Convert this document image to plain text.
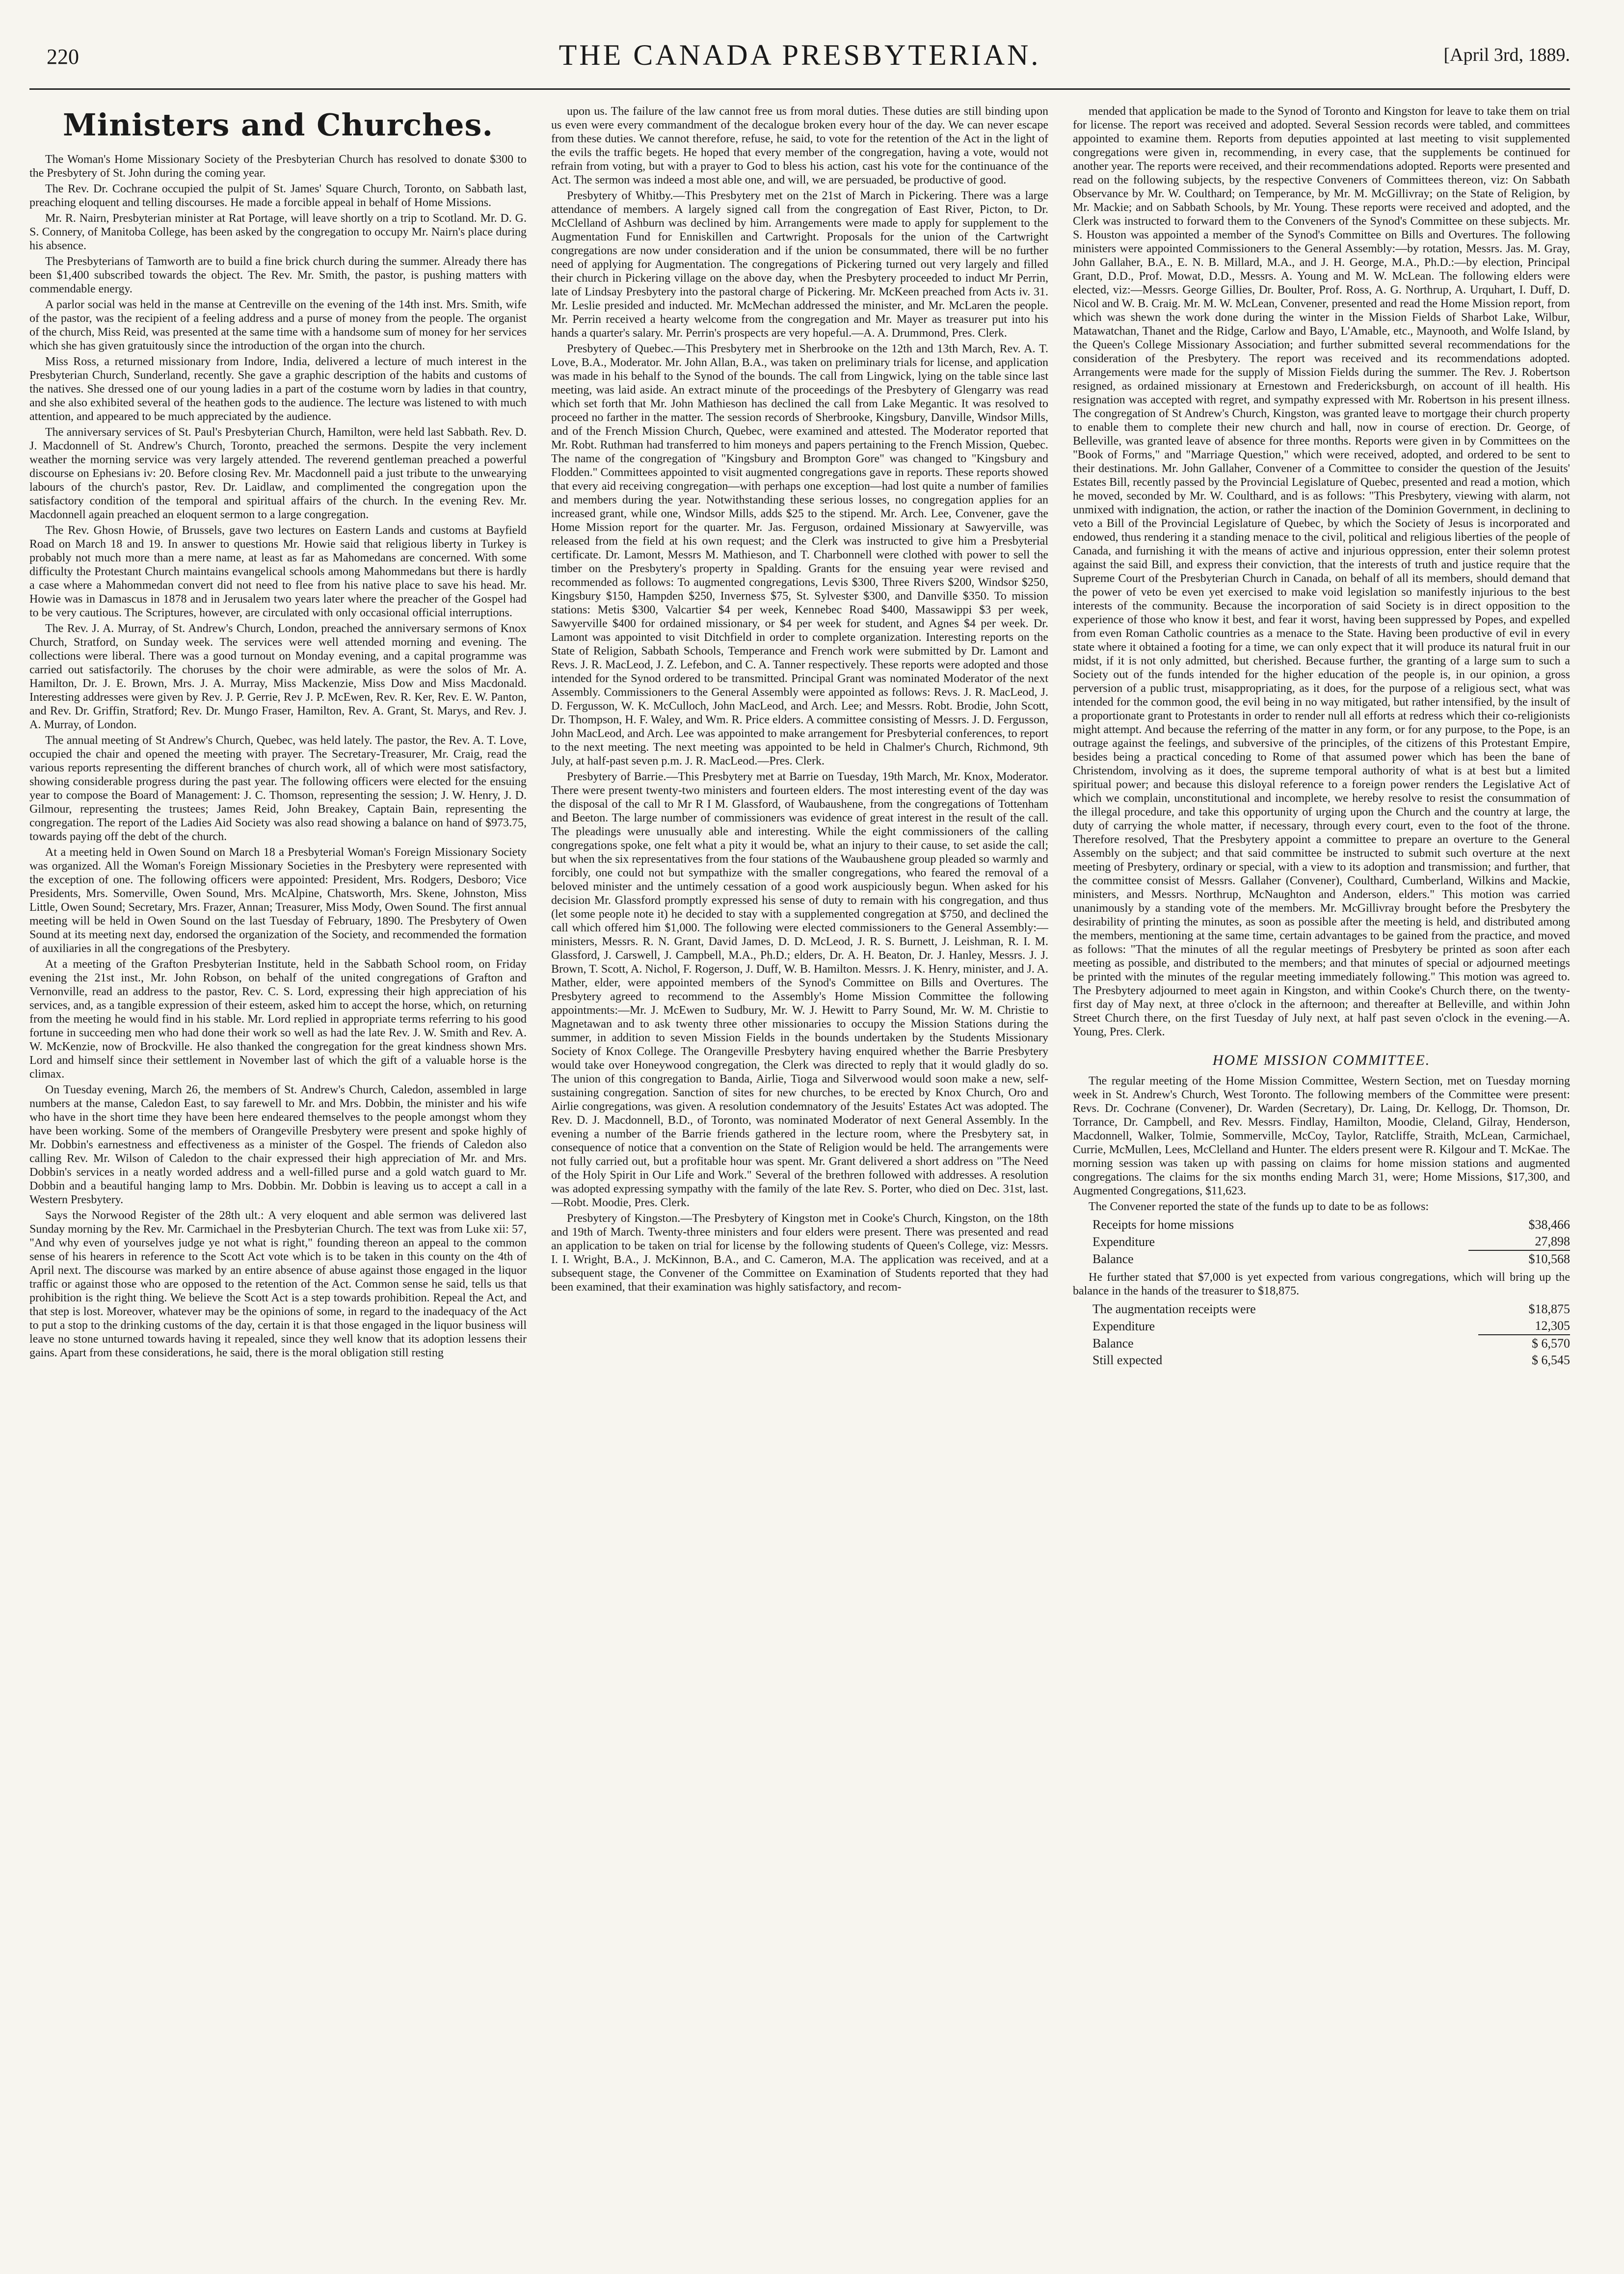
220	THE CANADA PRESBYTERIAN.	[April 3rd, 1889.
Ministers and Churches.

The Woman's Home Missionary Society of the Presbyterian Church has resolved to donate $300 to the Presbytery of St. John during the coming year.

The Rev. Dr. Cochrane occupied the pulpit of St. James' Square Church, Toronto, on Sabbath last, preaching eloquent and telling discourses. He made a forcible appeal in behalf of Home Missions.

Mr. R. Nairn, Presbyterian minister at Rat Portage, will leave shortly on a trip to Scotland. Mr. D. G. S. Connery, of Manitoba College, has been asked by the congregation to occupy Mr. Nairn's place during his absence.

The Presbyterians of Tamworth are to build a fine brick church during the summer. Already there has been $1,400 subscribed towards the object. The Rev. Mr. Smith, the pastor, is pushing matters with commendable energy.

A parlor social was held in the manse at Centreville on the evening of the 14th inst. Mrs. Smith, wife of the pastor, was the recipient of a feeling address and a purse of money from the people. The organist of the church, Miss Reid, was presented at the same time with a handsome sum of money for her services which she has given gratuitously since the introduction of the organ into the church.

Miss Ross, a returned missionary from Indore, India, delivered a lecture of much interest in the Presbyterian Church, Sunderland, recently. She gave a graphic description of the habits and customs of the natives. She dressed one of our young ladies in a part of the costume worn by ladies in that country, and she also exhibited several of the heathen gods to the audience. The lecture was listened to with much attention, and appeared to be much appreciated by the audience.

The anniversary services of St. Paul's Presbyterian Church, Hamilton, were held last Sabbath. Rev. D. J. Macdonnell of St. Andrew's Church, Toronto, preached the sermons. Despite the very inclement weather the morning service was very largely attended. The reverend gentleman preached a powerful discourse on Ephesians iv: 20. Before closing Rev. Mr. Macdonnell paid a just tribute to the unwearying labours of the church's pastor, Rev. Dr. Laidlaw, and complimented the congregation upon the satisfactory condition of the temporal and spiritual affairs of the church. In the evening Rev. Mr. Macdonnell again preached an eloquent sermon to a large congregation.

The Rev. Ghosn Howie, of Brussels, gave two lectures on Eastern Lands and customs at Bayfield Road on March 18 and 19. In answer to questions Mr. Howie said that religious liberty in Turkey is probably not much more than a mere name, at least as far as Mahomedans are concerned. With some difficulty the Protestant Church maintains evangelical schools among Mahommedans but there is hardly a case where a Mahommedan convert did not need to flee from his native place to save his head. Mr. Howie was in Damascus in 1878 and in Jerusalem two years later where the preacher of the Gospel had to be very cautious. The Scriptures, however, are circulated with only occasional official interruptions.

The Rev. J. A. Murray, of St. Andrew's Church, London, preached the anniversary sermons of Knox Church, Stratford, on Sunday week. The services were well attended morning and evening. The collections were liberal. There was a good turnout on Monday evening, and a capital programme was carried out satisfactorily. The choruses by the choir were admirable, as were the solos of Mr. A. Hamilton, Dr. J. E. Brown, Mrs. J. A. Murray, Miss Mackenzie, Miss Dow and Miss Macdonald. Interesting addresses were given by Rev. J. P. Gerrie, Rev J. P. McEwen, Rev. R. Ker, Rev. E. W. Panton, and Rev. Dr. Griffin, Stratford; Rev. Dr. Mungo Fraser, Hamilton, Rev. A. Grant, St. Marys, and Rev. J. A. Murray, of London.

The annual meeting of St Andrew's Church, Quebec, was held lately. The pastor, the Rev. A. T. Love, occupied the chair and opened the meeting with prayer. The Secretary-Treasurer, Mr. Craig, read the various reports representing the different branches of church work, all of which were most satisfactory, showing considerable progress during the past year. The following officers were elected for the ensuing year to compose the Board of Management: J. C. Thomson, representing the session; J. W. Henry, J. D. Gilmour, representing the trustees; James Reid, John Breakey, Captain Bain, representing the congregation. The report of the Ladies Aid Society was also read showing a balance on hand of $973.75, towards paying off the debt of the church.

At a meeting held in Owen Sound on March 18 a Presbyterial Woman's Foreign Missionary Society was organized. All the Woman's Foreign Missionary Societies in the Presbytery were represented with the exception of one. The following officers were appointed: President, Mrs. Rodgers, Desboro; Vice Presidents, Mrs. Somerville, Owen Sound, Mrs. McAlpine, Chatsworth, Mrs. Skene, Johnston, Miss Little, Owen Sound; Secretary, Mrs. Frazer, Annan; Treasurer, Miss Mody, Owen Sound. The first annual meeting will be held in Owen Sound on the last Tuesday of February, 1890. The Presbytery of Owen Sound at its meeting next day, endorsed the organization of the Society, and recommended the formation of auxiliaries in all the congregations of the Presbytery.

At a meeting of the Grafton Presbyterian Institute, held in the Sabbath School room, on Friday evening the 21st inst., Mr. John Robson, on behalf of the united congregations of Grafton and Vernonville, read an address to the pastor, Rev. C. S. Lord, expressing their high appreciation of his services, and, as a tangible expression of their esteem, asked him to accept the horse, which, on returning from the meeting he would find in his stable. Mr. Lord replied in appropriate terms referring to his good fortune in succeeding men who had done their work so well as had the late Rev. J. W. Smith and Rev. A. W. McKenzie, now of Brockville. He also thanked the congregation for the great kindness shown Mrs. Lord and himself since their settlement in November last of which the gift of a valuable horse is the climax.

On Tuesday evening, March 26, the members of St. Andrew's Church, Caledon, assembled in large numbers at the manse, Caledon East, to say farewell to Mr. and Mrs. Dobbin, the minister and his wife who have in the short time they have been here endeared themselves to the people amongst whom they have been working. Some of the members of Orangeville Presbytery were present and spoke highly of Mr. Dobbin's earnestness and effectiveness as a minister of the Gospel. The friends of Caledon also calling Rev. Mr. Wilson of Caledon to the chair expressed their high appreciation of Mr. and Mrs. Dobbin's services in a neatly worded address and a well-filled purse and a gold watch guard to Mr. Dobbin and a beautiful hanging lamp to Mrs. Dobbin. Mr. Dobbin is leaving us to accept a call in a Western Presbytery.

Says the Norwood Register of the 28th ult.: A very eloquent and able sermon was delivered last Sunday morning by the Rev. Mr. Carmichael in the Presbyterian Church. The text was from Luke xii: 57, "And why even of yourselves judge ye not what is right," founding thereon an appeal to the common sense of his hearers in reference to the Scott Act vote which is to be taken in this county on the 4th of April next. The discourse was marked by an entire absence of abuse against those engaged in the liquor traffic or against those who are opposed to the retention of the Act. Common sense he said, tells us that prohibition is the right thing. We believe the Scott Act is a step towards prohibition. Repeal the Act, and that step is lost. Moreover, whatever may be the opinions of some, in regard to the inadequacy of the Act to put a stop to the drinking customs of the day, certain it is that those engaged in the liquor business will leave no stone unturned towards having it repealed, since they well know that its adoption lessens their gains. Apart from these considerations, he said, there is the moral obligation still resting

upon us. The failure of the law cannot free us from moral duties. These duties are still binding upon us even were every commandment of the decalogue broken every hour of the day. We can never escape from these duties. We cannot therefore, refuse, he said, to vote for the retention of the Act in the light of the evils the traffic begets. He hoped that every member of the congregation, having a vote, would not refrain from voting, but with a prayer to God to bless his action, cast his vote for the continuance of the Act. The sermon was indeed a most able one, and will, we are persuaded, be productive of good.

Presbytery of Whitby.—This Presbytery met on the 21st of March in Pickering. There was a large attendance of members. A largely signed call from the congregation of East River, Picton, to Dr. McClelland of Ashburn was declined by him. Arrangements were made to apply for supplement to the Augmentation Fund for Enniskillen and Cartwright. Proposals for the union of the Cartwright congregations are now under consideration and if the union be consummated, there will be no further need of applying for Augmentation. The congregations of Pickering turned out very largely and filled their church in Pickering village on the above day, when the Presbytery proceeded to induct Mr Perrin, late of Lindsay Presbytery into the pastoral charge of Pickering. Mr. McKeen preached from Acts iv. 31. Mr. Leslie presided and inducted. Mr. McMechan addressed the minister, and Mr. McLaren the people. Mr. Perrin received a hearty welcome from the congregation and Mr. Mayer as treasurer put into his hands a quarter's salary. Mr. Perrin's prospects are very hopeful.—A. A. Drummond, Pres. Clerk.

Presbytery of Quebec.—This Presbytery met in Sherbrooke on the 12th and 13th March, Rev. A. T. Love, B.A., Moderator. Mr. John Allan, B.A., was taken on preliminary trials for license, and application was made in his behalf to the Synod of the bounds. The call from Lingwick, lying on the table since last meeting, was laid aside. An extract minute of the proceedings of the Presbytery of Glengarry was read which set forth that Mr. John Mathieson has declined the call from Lake Megantic. It was resolved to proceed no farther in the matter. The session records of Sherbrooke, Kingsbury, Danville, Windsor Mills, and of the French Mission Church, Quebec, were examined and attested. The Moderator reported that Mr. Robt. Ruthman had transferred to him moneys and papers pertaining to the French Mission, Quebec. The name of the congregation of "Kingsbury and Brompton Gore" was changed to "Kingsbury and Flodden." Committees appointed to visit augmented congregations gave in reports. These reports showed that every aid receiving congregation—with perhaps one exception—had lost quite a number of families and members during the year. Notwithstanding these serious losses, no congregation applies for an increased grant, while one, Windsor Mills, adds $25 to the stipend. Mr. Arch. Lee, Convener, gave the Home Mission report for the quarter. Mr. Jas. Ferguson, ordained Missionary at Sawyerville, was released from the field at his own request; and the Clerk was instructed to give him a Presbyterial certificate. Dr. Lamont, Messrs M. Mathieson, and T. Charbonnell were clothed with power to sell the timber on the Presbytery's property in Spalding. Grants for the ensuing year were revised and recommended as follows: To augmented congregations, Levis $300, Three Rivers $200, Windsor $250, Kingsbury $150, Hampden $250, Inverness $75, St. Sylvester $300, and Danville $350. To mission stations: Metis $300, Valcartier $4 per week, Kennebec Road $400, Massawippi $3 per week, Sawyerville $400 for ordained missionary, or $4 per week for student, and Agnes $4 per week. Dr. Lamont was appointed to visit Ditchfield in order to complete organization. Interesting reports on the State of Religion, Sabbath Schools, Temperance and French work were submitted by Dr. Lamont and Revs. J. R. MacLeod, J. Z. Lefebon, and C. A. Tanner respectively. These reports were adopted and those intended for the Synod ordered to be transmitted. Principal Grant was nominated Moderator of the next Assembly. Commissioners to the General Assembly were appointed as follows: Revs. J. R. MacLeod, J. D. Fergusson, W. K. McCulloch, John MacLeod, and Arch. Lee; and Messrs. Robt. Brodie, John Scott, Dr. Thompson, H. F. Waley, and Wm. R. Price elders. A committee consisting of Messrs. J. D. Fergusson, John MacLeod, and Arch. Lee was appointed to make arrangement for Presbyterial conferences, to report to the next meeting. The next meeting was appointed to be held in Chalmer's Church, Richmond, 9th July, at half-past seven p.m. J. R. MacLeod.—Pres. Clerk.

Presbytery of Barrie.—This Presbytery met at Barrie on Tuesday, 19th March, Mr. Knox, Moderator. There were present twenty-two ministers and fourteen elders. The most interesting event of the day was the disposal of the call to Mr R I M. Glassford, of Waubaushene, from the congregations of Tottenham and Beeton. The large number of commissioners was evidence of great interest in the result of the call. The pleadings were unusually able and interesting. While the eight commissioners of the calling congregations spoke, one felt what a pity it would be, what an injury to their cause, to set aside the call; but when the six representatives from the four stations of the Waubaushene group pleaded so warmly and forcibly, one could not but sympathize with the smaller congregations, who feared the removal of a beloved minister and the untimely cessation of a good work auspiciously begun. When asked for his decision Mr. Glassford promptly expressed his sense of duty to remain with his congregation, and thus (let some people note it) he decided to stay with a supplemented congregation at $750, and declined the call which offered him $1,000. The following were elected commissioners to the General Assembly:—ministers, Messrs. R. N. Grant, David James, D. D. McLeod, J. R. S. Burnett, J. Leishman, R. I. M. Glassford, J. Carswell, J. Campbell, M.A., Ph.D.; elders, Dr. A. H. Beaton, Dr. J. Hanley, Messrs. J. J. Brown, T. Scott, A. Nichol, F. Rogerson, J. Duff, W. B. Hamilton. Messrs. J. K. Henry, minister, and J. A. Mather, elder, were appointed members of the Synod's Committee on Bills and Overtures. The Presbytery agreed to recommend to the Assembly's Home Mission Committee the following appointments:—Mr. J. McEwen to Sudbury, Mr. W. J. Hewitt to Parry Sound, Mr. W. M. Christie to Magnetawan and to ask twenty three other missionaries to occupy the Mission Stations during the summer, in addition to seven Mission Fields in the bounds undertaken by the Students Missionary Society of Knox College. The Orangeville Presbytery having enquired whether the Barrie Presbytery would take over Honeywood congregation, the Clerk was directed to reply that it would gladly do so. The union of this congregation to Banda, Airlie, Tioga and Silverwood would soon make a new, self-sustaining congregation. Sanction of sites for new churches, to be erected by Knox Church, Oro and Airlie congregations, was given. A resolution condemnatory of the Jesuits' Estates Act was adopted. The Rev. D. J. Macdonnell, B.D., of Toronto, was nominated Moderator of next General Assembly. In the evening a number of the Barrie friends gathered in the lecture room, where the Presbytery sat, in consequence of notice that a convention on the State of Religion would be held. The arrangements were not fully carried out, but a profitable hour was spent. Mr. Grant delivered a short address on "The Need of the Holy Spirit in Our Life and Work." Several of the brethren followed with addresses. A resolution was adopted expressing sympathy with the family of the late Rev. S. Porter, who died on Dec. 31st, last.—Robt. Moodie, Pres. Clerk.

Presbytery of Kingston.—The Presbytery of Kingston met in Cooke's Church, Kingston, on the 18th and 19th of March. Twenty-three ministers and four elders were present. There was presented and read an application to be taken on trial for license by the following students of Queen's College, viz: Messrs. I. I. Wright, B.A., J. McKinnon, B.A., and C. Cameron, M.A. The application was received, and at a subsequent stage, the Convener of the Committee on Examination of Students reported that they had been examined, that their examination was highly satisfactory, and recom-

mended that application be made to the Synod of Toronto and Kingston for leave to take them on trial for license. The report was received and adopted. Several Session records were tabled, and committees appointed to examine them. Reports from deputies appointed at last meeting to visit supplemented congregations were given in, recommending, in every case, that the supplements be continued for another year. The reports were received, and their recommendations adopted. Reports were presented and read on the following subjects, by the respective Conveners of Committees thereon, viz: On Sabbath Observance by Mr. W. Coulthard; on Temperance, by Mr. M. McGillivray; on the State of Religion, by Mr. Mackie; and on Sabbath Schools, by Mr. Young. These reports were received and adopted, and the Clerk was instructed to forward them to the Conveners of the Synod's Committee on these subjects. Mr. S. Houston was appointed a member of the Synod's Committee on Bills and Overtures. The following ministers were appointed Commissioners to the General Assembly:—by rotation, Messrs. Jas. M. Gray, John Gallaher, B.A., E. N. B. Millard, M.A., and J. H. George, M.A., Ph.D.:—by election, Principal Grant, D.D., Prof. Mowat, D.D., Messrs. A. Young and M. W. McLean. The following elders were elected, viz:—Messrs. George Gillies, Dr. Boulter, Prof. Ross, A. G. Northrup, A. Urquhart, I. Duff, D. Nicol and W. B. Craig. Mr. M. W. McLean, Convener, presented and read the Home Mission report, from which was shewn the work done during the winter in the Mission Fields of Sharbot Lake, Wilbur, Matawatchan, Thanet and the Ridge, Carlow and Bayo, L'Amable, etc., Maynooth, and Wolfe Island, by the Queen's College Missionary Association; and further submitted several recommendations for the consideration of the Presbytery. The report was received and its recommendations adopted. Arrangements were made for the supply of Mission Fields during the summer. The Rev. J. Robertson resigned, as ordained missionary at Ernestown and Fredericksburgh, on account of ill health. His resignation was accepted with regret, and sympathy expressed with Mr. Robertson in his present illness. The congregation of St Andrew's Church, Kingston, was granted leave to mortgage their church property to enable them to complete their new church and hall, now in course of erection. Dr. George, of Belleville, was granted leave of absence for three months. Reports were given in by Committees on the "Book of Forms," and "Marriage Question," which were received, adopted, and ordered to be sent to their destinations. Mr. John Gallaher, Convener of a Committee to consider the question of the Jesuits' Estates Bill, recently passed by the Provincial Legislature of Quebec, presented and read a motion, which he moved, seconded by Mr. W. Coulthard, and is as follows: "This Presbytery, viewing with alarm, not unmixed with indignation, the action, or rather the inaction of the Dominion Government, in declining to veto a Bill of the Provincial Legislature of Quebec, by which the Society of Jesus is incorporated and endowed, thus rendering it a standing menace to the civil, political and religious liberties of the people of Canada, and furnishing it with the means of active and injurious oppression, enter their solemn protest against the said Bill, and express their conviction, that the interests of truth and justice require that the Supreme Court of the Presbyterian Church in Canada, on behalf of all its members, should demand that the power of veto be even yet exercised to make void legislation so manifestly injurious to the best interests of the community. Because the incorporation of said Society is in direct opposition to the experience of those who know it best, and fear it worst, having been suppressed by Popes, and expelled from even Roman Catholic countries as a menace to the State. Having been productive of evil in every state where it obtained a footing for a time, we can only expect that it will produce its natural fruit in our midst, if it is not only admitted, but cherished. Because further, the granting of a large sum to such a Society out of the funds intended for the higher education of the people is, in our opinion, a gross perversion of a public trust, misappropriating, as it does, for the purpose of a religious sect, what was intended for the common good, the evil being in no way mitigated, but rather intensified, by the insult of a proportionate grant to Protestants in order to render null all efforts at redress which their co-religionists might attempt. And because the referring of the matter in any form, or for any purpose, to the Pope, is an outrage against the feelings, and subversive of the principles, of the citizens of this Protestant Empire, besides being a practical conceding to Rome of that assumed power which has been the bane of Christendom, involving as it does, the supreme temporal authority of what is at best but a limited spiritual power; and because this disloyal reference to a foreign power renders the Legislative Act of which we complain, unconstitutional and incomplete, we hereby resolve to resist the consummation of the illegal procedure, and take this opportunity of urging upon the Church and the country at large, the duty of carrying the whole matter, if necessary, through every court, even to the foot of the throne. Therefore resolved, That the Presbytery appoint a committee to prepare an overture to the General Assembly on the subject; and that said committee be instructed to submit such overture at the next meeting of Presbytery, ordinary or special, with a view to its adoption and transmission; and further, that the committee consist of Messrs. Gallaher (Convener), Coulthard, Cumberland, Wilkins and Mackie, ministers, and Messrs. Northrup, McNaughton and Anderson, elders." This motion was carried unanimously by a standing vote of the members. Mr. McGillivray brought before the Presbytery the desirability of printing the minutes, as soon as possible after the meeting is held, and distributed among the members, mentioning at the same time, certain advantages to be gained from the practice, and moved as follows: "That the minutes of all the regular meetings of Presbytery be printed as soon after each meeting as possible, and distributed to the members; and that minutes of special or adjourned meetings be printed with the minutes of the regular meeting immediately following." This motion was agreed to. The Presbytery adjourned to meet again in Kingston, and within Cooke's Church there, on the twenty-first day of May next, at three o'clock in the afternoon; and thereafter at Belleville, and within John Street Church there, on the first Tuesday of July next, at half past seven o'clock in the evening.—A. Young, Pres. Clerk.

HOME MISSION COMMITTEE.

The regular meeting of the Home Mission Committee, Western Section, met on Tuesday morning week in St. Andrew's Church, West Toronto. The following members of the Committee were present: Revs. Dr. Cochrane (Convener), Dr. Warden (Secretary), Dr. Laing, Dr. Kellogg, Dr. Thomson, Dr. Torrance, Dr. Campbell, and Rev. Messrs. Findlay, Hamilton, Moodie, Cleland, Gilray, Henderson, Macdonnell, Walker, Tolmie, Sommerville, McCoy, Taylor, Ratcliffe, Straith, McLean, Carmichael, Currie, McMullen, Lees, McClelland and Hunter. The elders present were R. Kilgour and T. McKae. The morning session was taken up with passing on claims for home mission stations and augmented congregations. The claims for the six months ending March 31, were; Home Missions, $17,300, and Augmented Congregations, $11,623.

The Convener reported the state of the funds up to date to be as follows:

Receipts for home missions	$38,466
Expenditure	27,898
Balance	$10,568

He further stated that $7,000 is yet expected from various congregations, which will bring up the balance in the hands of the treasurer to $18,875.

The augmentation receipts were	$18,875
Expenditure	12,305
Balance	$ 6,570
Still expected	$ 6,545
